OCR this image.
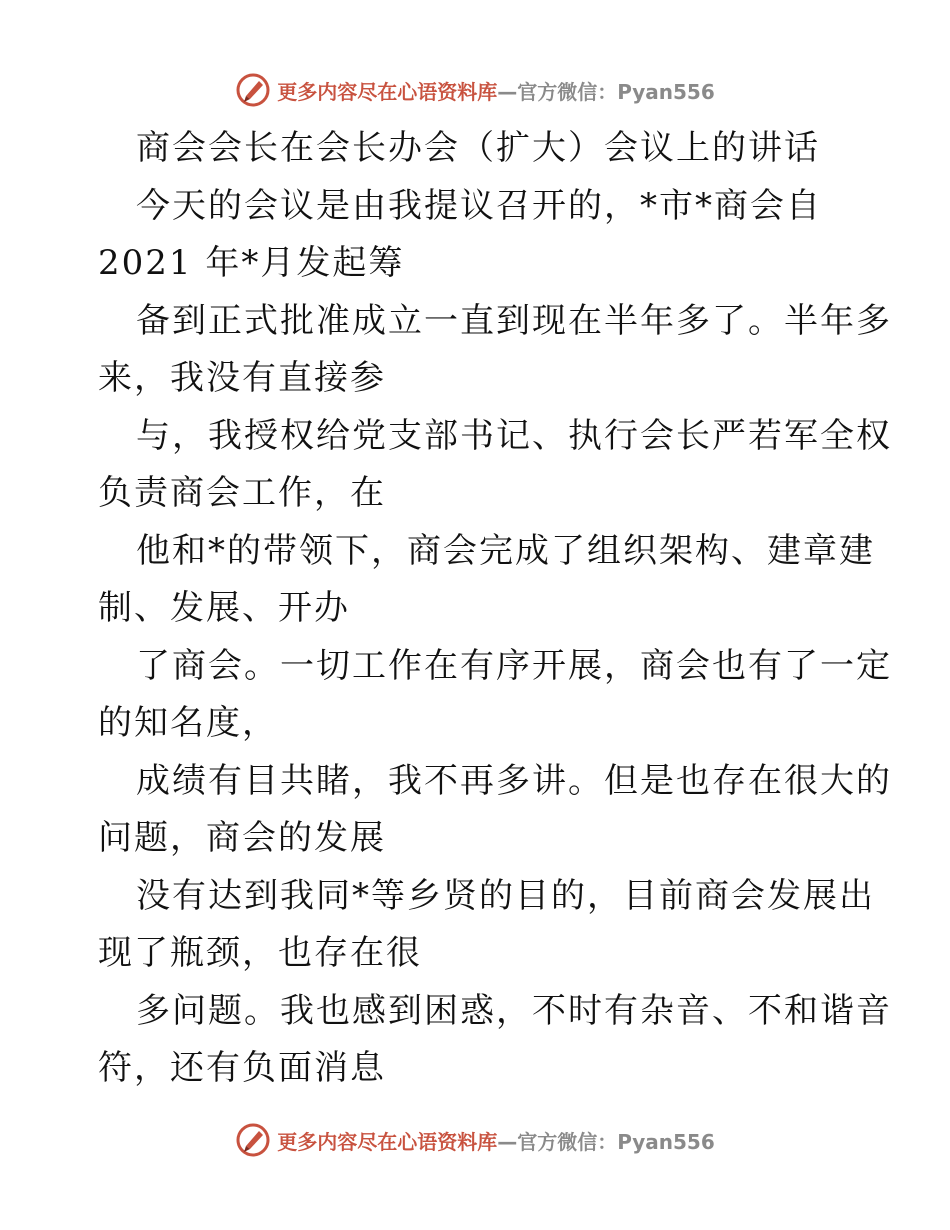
更多内容尽在心语资料库—官方微信：Pyan556
商会会长在会长办会（扩大）会议上的讲话
今天的会议是由我提议召开的，*市*商会自
2021 年*月发起筹
备到正式批准成立一直到现在半年多了。半年多
来，我没有直接参
与，我授权给党支部书记、执行会长严若军全权
负责商会工作，在
他和*的带领下，商会完成了组织架构、建章建
制、发展、开办
了商会。一切工作在有序开展，商会也有了一定
的知名度，
成绩有目共睹，我不再多讲。但是也存在很大的
问题，商会的发展
没有达到我同*等乡贤的目的，目前商会发展出
现了瓶颈，也存在很
多问题。我也感到困惑，不时有杂音、不和谐音
符，还有负面消息
更多内容尽在心语资料库—官方微信：Pyan556
